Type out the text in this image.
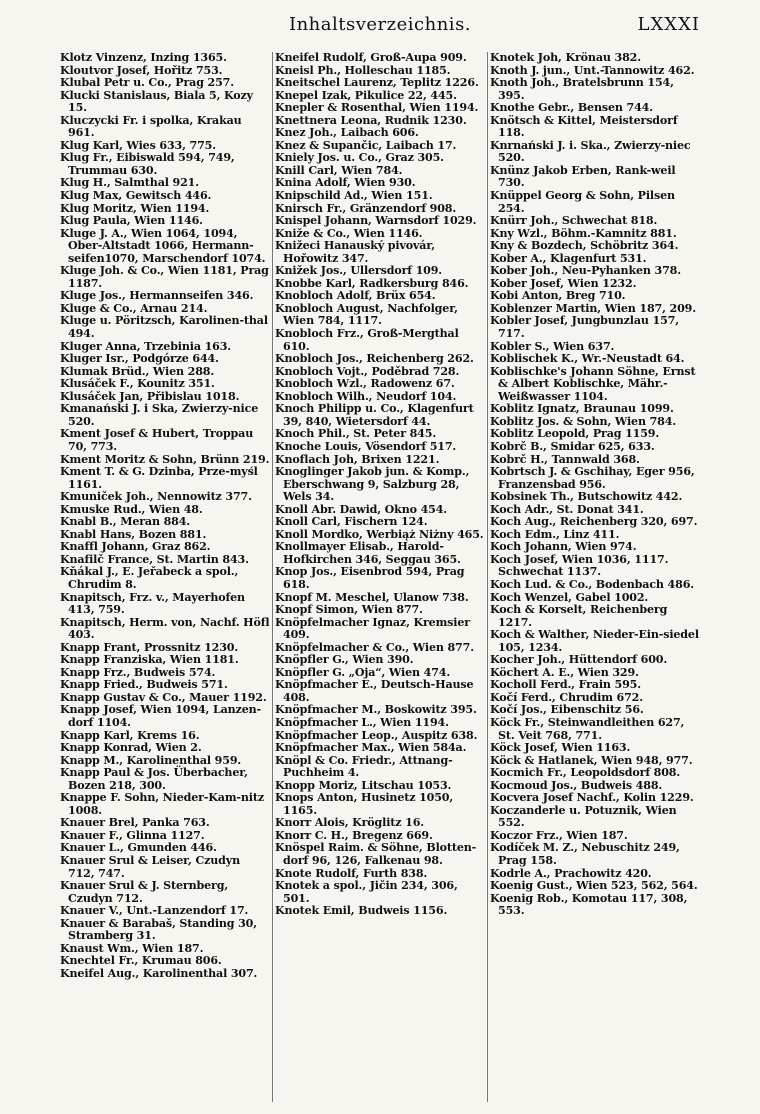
Inhaltsverzeichnis.	LXXXI

Klotz Vinzenz, Inzing 1365.

Kloutvor Josef, Hořitz 753.

Klubal Petr u. Co., Prag 257.

Klucki Stanislaus, Biala 5, Kozy 15.

Kluczycki Fr. i spolka, Krakau 961.

Klug Karl, Wies 633, 775.

Klug Fr., Eibiswald 594, 749, Trummau 630.

Klug H., Salmthal 921.

Klug Max, Gewitsch 446.

Klug Moritz, Wien 1194.

Klug Paula, Wien 1146.

Kluge J. A., Wien 1064, 1094, Ober-Altstadt 1066, Hermann-seifen1070, Marschendorf 1074.

Kluge Joh. & Co., Wien 1181, Prag 1187.

Kluge Jos., Hermannseifen 346.

Kluge & Co., Arnau 214.

Kluge u. Pöritzsch, Karolinen-thal 494.

Kluger Anna, Trzebinia 163.

Kluger Isr., Podgórze 644.

Klumak Brüd., Wien 288.

Klusáček F., Kounitz 351.

Klusáček Jan, Přibislau 1018.

Kmanański J. i Ska, Zwierzy-nice 520.

Kment Josef & Hubert, Troppau 70, 773.

Kment Moritz & Sohn, Brünn 219.

Kment T. & G. Dzinba, Prze-myśl 1161.

Kmuniček Joh., Nennowitz 377.

Kmuske Rud., Wien 48.

Knabl B., Meran 884.

Knabl Hans, Bozen 881.

Knaffl Johann, Graz 862.

Knafilč France, St. Martin 843.

Kňákal J., E. Jeřabeck a spol., Chrudim 8.

Knapitsch, Frz. v., Mayerhofen 413, 759.

Knapitsch, Herm. von, Nachf. Höfl 403.

Knapp Frant, Prossnitz 1230.

Knapp Franziska, Wien 1181.

Knapp Frz., Budweis 574.

Knapp Fried., Budweis 571.

Knapp Gustav & Co., Mauer 1192.

Knapp Josef, Wien 1094, Lanzen-dorf 1104.

Knapp Karl, Krems 16.

Knapp Konrad, Wien 2.

Knapp M., Karolinenthal 959.

Knapp Paul & Jos. Überbacher, Bozen 218, 300.

Knappe F. Sohn, Nieder-Kam-nitz 1008.

Knauer Brel, Panka 763.

Knauer F., Glinna 1127.

Knauer L., Gmunden 446.

Knauer Srul & Leiser, Czudyn 712, 747.

Knauer Srul & J. Sternberg, Czudyn 712.

Knauer V., Unt.-Lanzendorf 17.

Knauer & Barabaš, Standing 30, Stramberg 31.

Knaust Wm., Wien 187.

Knechtel Fr., Krumau 806.

Kneifel Aug., Karolinenthal 307.

Kneifel Rudolf, Groß-Aupa 909.

Kneisl Ph., Holleschau 1185.

Kneitschel Laurenz, Teplitz 1226.

Knepel Izak, Pikulice 22, 445.

Knepler & Rosenthal, Wien 1194.

Knettnera Leona, Rudnik 1230.

Knez Joh., Laibach 606.

Knez & Supančic, Laibach 17.

Kniely Jos. u. Co., Graz 305.

Knill Carl, Wien 784.

Knina Adolf, Wien 930.

Knipschild Ad., Wien 151.

Knirsch Fr., Gränzendorf 908.

Knispel Johann, Warnsdorf 1029.

Kniže & Co., Wien 1146.

Knižeci Hanauský pivovár, Hořowitz 347.

Knižek Jos., Ullersdorf 109.

Knobbe Karl, Radkersburg 846.

Knobloch Adolf, Brüx 654.

Knobloch August, Nachfolger, Wien 784, 1117.

Knobloch Frz., Groß-Mergthal 610.

Knobloch Jos., Reichenberg 262.

Knobloch Vojt., Poděbrad 728.

Knobloch Wzl., Radowenz 67.

Knobloch Wilh., Neudorf 104.

Knoch Philipp u. Co., Klagenfurt 39, 840, Wietersdorf 44.

Knoch Phil., St. Peter 845.

Knoche Louis, Vösendorf 517.

Knoflach Joh, Brixen 1221.

Knoglinger Jakob jun. & Komp., Eberschwang 9, Salzburg 28, Wels 34.

Knoll Abr. Dawid, Okno 454.

Knoll Carl, Fischern 124.

Knoll Mordko, Werbiąż Niżny 465.

Knollmayer Elisab., Harold-Hofkirchen 346, Seggau 365.

Knop Jos., Eisenbrod 594, Prag 618.

Knopf M. Meschel, Ulanow 738.

Knopf Simon, Wien 877.

Knöpfelmacher Ignaz, Kremsier 409.

Knöpfelmacher & Co., Wien 877.

Knöpfler G., Wien 390.

Knöpfler G. „Oja“, Wien 474.

Knöpfmacher E., Deutsch-Hause 408.

Knöpfmacher M., Boskowitz 395.

Knöpfmacher L., Wien 1194.

Knöpfmacher Leop., Auspitz 638.

Knöpfmacher Max., Wien 584a.

Knöpl & Co. Friedr., Attnang-Puchheim 4.

Knopp Moriz, Litschau 1053.

Knops Anton, Husinetz 1050, 1165.

Knorr Alois, Kröglitz 16.

Knorr C. H., Bregenz 669.

Knöspel Raim. & Söhne, Blotten-dorf 96, 126, Falkenau 98.

Knote Rudolf, Furth 838.

Knotek a spol., Jičin 234, 306, 501.

Knotek Emil, Budweis 1156.

Knotek Joh, Krönau 382.

Knoth J. jun., Unt.-Tannowitz 462.

Knoth Joh., Bratelsbrunn 154, 395.

Knothe Gebr., Bensen 744.

Knötsch & Kittel, Meistersdorf 118.

Knrnański J. i. Ska., Zwierzy-niec 520.

Knünz Jakob Erben, Rank-weil 730.

Knüppel Georg & Sohn, Pilsen 254.

Knürr Joh., Schwechat 818.

Kny Wzl., Böhm.-Kamnitz 881.

Kny & Bozdech, Schöbritz 364.

Kober A., Klagenfurt 531.

Kober Joh., Neu-Pyhanken 378.

Kober Josef, Wien 1232.

Kobi Anton, Breg 710.

Koblenzer Martin, Wien 187, 209.

Kobler Josef, Jungbunzlau 157, 717.

Kobler S., Wien 637.

Koblischek K., Wr.-Neustadt 64.

Koblischke's Johann Söhne, Ernst & Albert Koblischke, Mähr.-Weißwasser 1104.

Koblitz Ignatz, Braunau 1099.

Koblitz Jos. & Sohn, Wien 784.

Koblitz Leopold, Prag 1159.

Kobrč B., Smidar 625, 633.

Kobrč H., Tannwald 368.

Kobrtsch J. & Gschihay, Eger 956, Franzensbad 956.

Kobsinek Th., Butschowitz 442.

Koch Adr., St. Donat 341.

Koch Aug., Reichenberg 320, 697.

Koch Edm., Linz 411.

Koch Johann, Wien 974.

Koch Josef, Wien 1036, 1117. Schwechat 1137.

Koch Lud. & Co., Bodenbach 486.

Koch Wenzel, Gabel 1002.

Koch & Korselt, Reichenberg 1217.

Koch & Walther, Nieder-Ein-siedel 105, 1234.

Kocher Joh., Hüttendorf 600.

Köchert A. E., Wien 329.

Kocholl Ferd., Frain 595.

Kočí Ferd., Chrudim 672.

Kočí Jos., Eibenschitz 56.

Köck Fr., Steinwandleithen 627, St. Veit 768, 771.

Köck Josef, Wien 1163.

Köck & Hatlanek, Wien 948, 977.

Kocmich Fr., Leopoldsdorf 808.

Kocmoud Jos., Budweis 488.

Kocvera Josef Nachf., Kolin 1229.

Koczanderle u. Potuznik, Wien 552.

Koczor Frz., Wien 187.

Kodíček M. Z., Nebuschitz 249, Prag 158.

Kodrle A., Prachowitz 420.

Koenig Gust., Wien 523, 562, 564.

Koenig Rob., Komotau 117, 308, 553.
